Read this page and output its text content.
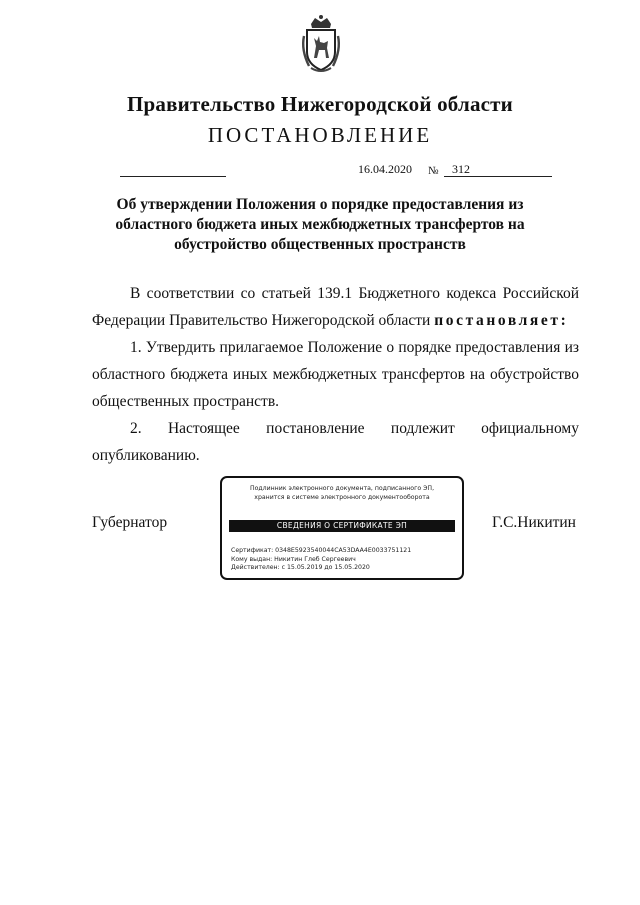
Правительство Нижегородской области
ПОСТАНОВЛЕНИЕ
16.04.2020 №	312
Об утверждении Положения о порядке предоставления из
областного бюджета иных межбюджетных трансфертов на
обустройство общественных пространств

В соответствии со статьей 139.1 Бюджетного кодекса Российской Федерации Правительство Нижегородской области постановляет:

1. Утвердить прилагаемое Положение о порядке предоставления из областного бюджета иных межбюджетных трансфертов на обустройство общественных пространств.

2. Настоящее постановление подлежит официальному
опубликованию.
Губернатор	Г.С.Никитин
Подлинник электронного документа, подписанного ЭП,
хранится в системе электронного документооборота
СВЕДЕНИЯ О СЕРТИФИКАТЕ ЭП
Сертификат: 0348E5923540044CA53DAA4E0033751121
Кому выдан: Никитин Глеб Сергеевич
Действителен: с 15.05.2019 до 15.05.2020
